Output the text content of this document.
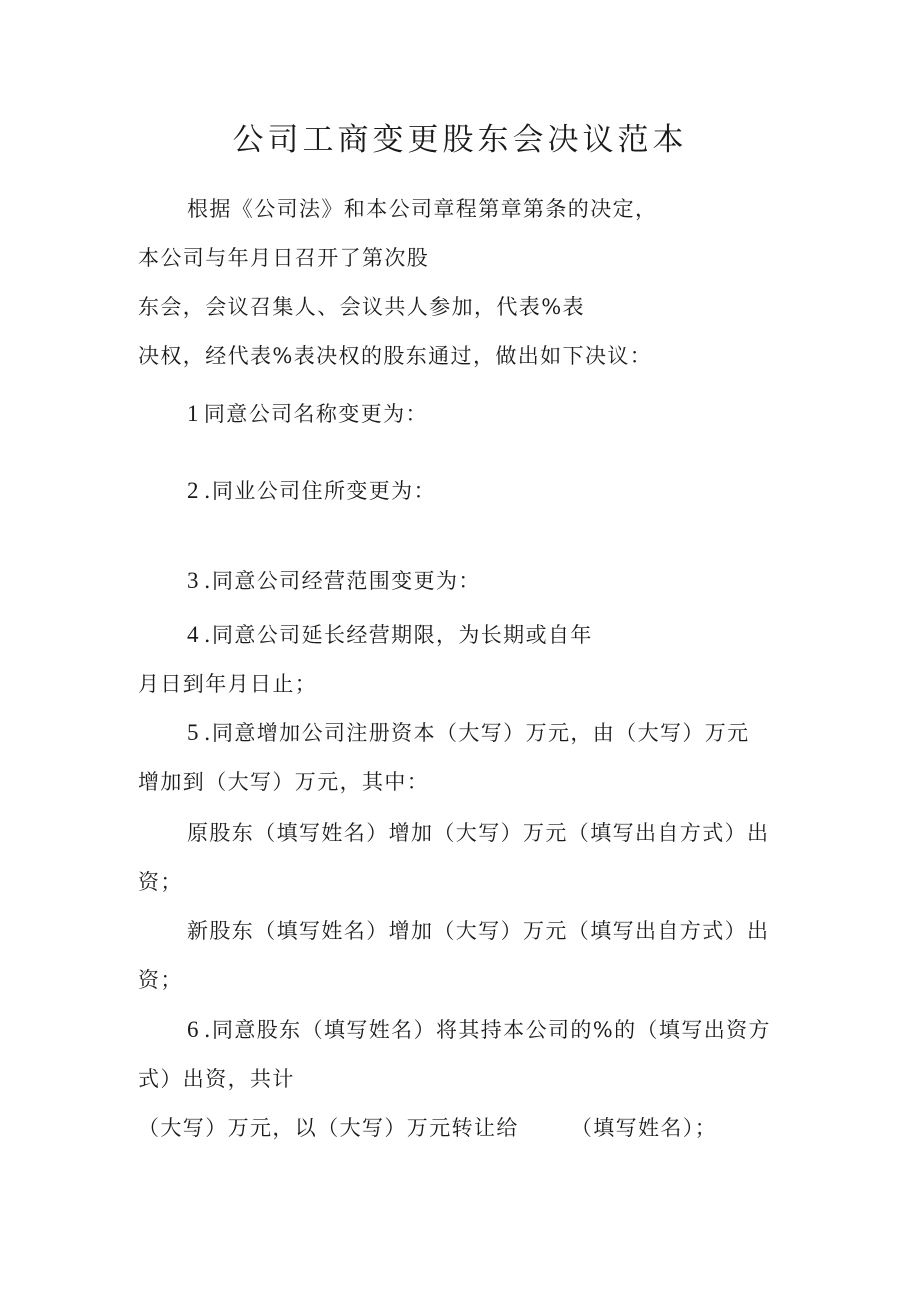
公司工商变更股东会决议范本
根据《公司法》和本公司章程第章第条的决定，
本公司与年月日召开了第次股
东会，会议召集人、会议共人参加，代表%表
决权，经代表%表决权的股东通过，做出如下决议：
1 同意公司名称变更为：
2 .同业公司住所变更为：
3 .同意公司经营范围变更为：
4 .同意公司延长经营期限，为长期或自年
月日到年月日止；
5 .同意增加公司注册资本（大写）万元，由（大写）万元
增加到（大写）万元，其中：
原股东（填写姓名）增加（大写）万元（填写出自方式）出
资；
新股东（填写姓名）增加（大写）万元（填写出自方式）出
资；
6 .同意股东（填写姓名）将其持本公司的%的（填写出资方
式）出资，共计
（大写）万元，以（大写）万元转让给 （填写姓名）；
